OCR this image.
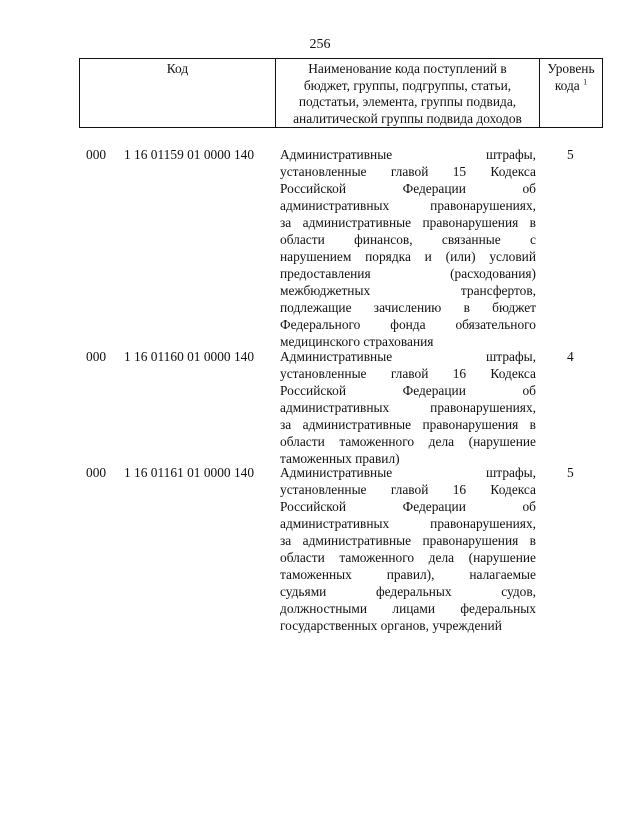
256
Код	Наименование кода поступлений в
бюджет, группы, подгруппы, статьи,
подстатьи, элемента, группы подвида,
аналитической группы подвида доходов
Уровень
кода $^1$
000 1 16 01159 01 0000 140 Административные штрафы,
установленные главой 15 Кодекса
Российской Федерации об
административных правонарушениях,
за административные правонарушения в
области финансов, связанные с
нарушением порядка и (или) условий
предоставления (расходования)
межбюджетных трансфертов,
подлежащие зачислению в бюджет
Федерального фонда обязательного
медицинского страхования
5
000 1 16 01160 01 0000 140 Административные штрафы,
установленные главой 16 Кодекса
Российской Федерации об
административных правонарушениях,
за административные правонарушения в
области таможенного дела (нарушение
таможенных правил)
4
000 1 16 01161 01 0000 140 Административные штрафы,
установленные главой 16 Кодекса
Российской Федерации об
административных правонарушениях,
за административные правонарушения в
области таможенного дела (нарушение
таможенных правил), налагаемые
судьями федеральных судов,
должностными лицами федеральных
государственных органов, учреждений
5
